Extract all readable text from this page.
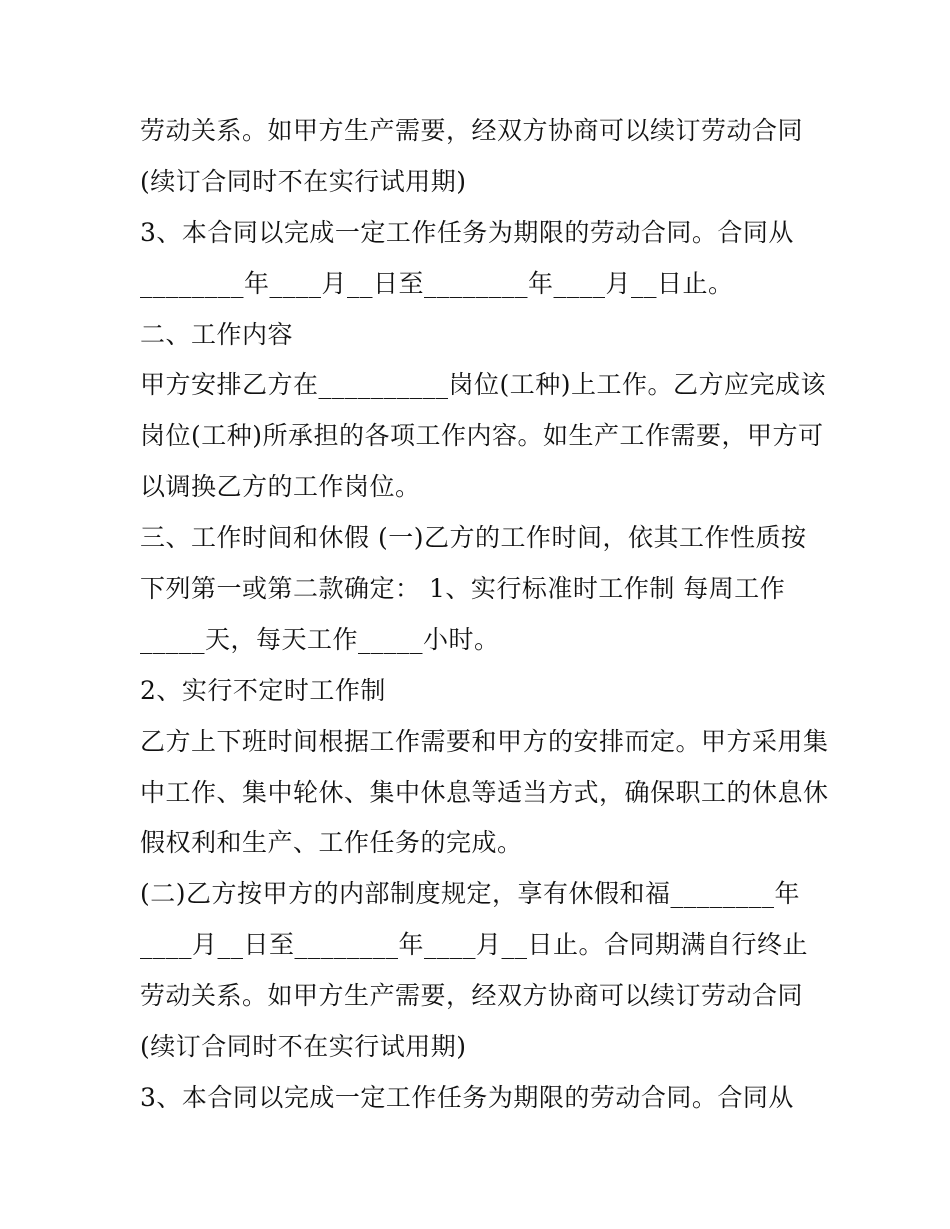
劳动关系。如甲方生产需要，经双方协商可以续订劳动合同
(续订合同时不在实行试用期)
3、本合同以完成一定工作任务为期限的劳动合同。合同从
________年____月__日至________年____月__日止。
二、工作内容
甲方安排乙方在__________岗位(工种)上工作。乙方应完成该
岗位(工种)所承担的各项工作内容。如生产工作需要，甲方可
以调换乙方的工作岗位。
三、工作时间和休假 (一)乙方的工作时间，依其工作性质按
下列第一或第二款确定： 1、实行标准时工作制 每周工作
_____天，每天工作_____小时。
2、实行不定时工作制
乙方上下班时间根据工作需要和甲方的安排而定。甲方采用集
中工作、集中轮休、集中休息等适当方式，确保职工的休息休
假权利和生产、工作任务的完成。
(二)乙方按甲方的内部制度规定，享有休假和福________年
____月__日至________年____月__日止。合同期满自行终止
劳动关系。如甲方生产需要，经双方协商可以续订劳动合同
(续订合同时不在实行试用期)
3、本合同以完成一定工作任务为期限的劳动合同。合同从
